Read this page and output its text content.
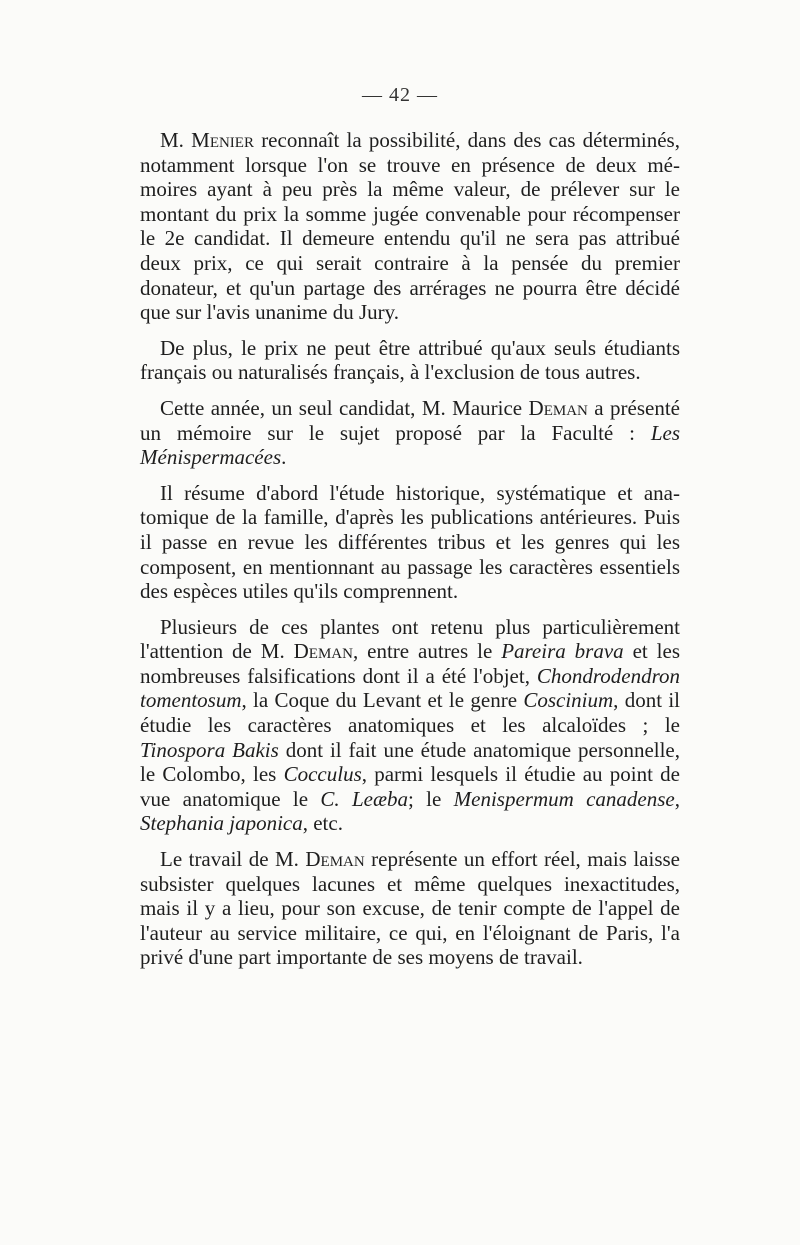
— 42 —

M. Menier reconnaît la possibilité, dans des cas déterminés, notamment lorsque l'on se trouve en présence de deux mémoires ayant à peu près la même valeur, de prélever sur le montant du prix la somme jugée convenable pour récompenser le 2e candidat. Il demeure entendu qu'il ne sera pas attribué deux prix, ce qui serait contraire à la pensée du premier donateur, et qu'un partage des arrérages ne pourra être décidé que sur l'avis unanime du Jury.

De plus, le prix ne peut être attribué qu'aux seuls étudiants français ou naturalisés français, à l'exclusion de tous autres.

Cette année, un seul candidat, M. Maurice Deman a présenté un mémoire sur le sujet proposé par la Faculté : Les Ménispermacées.

Il résume d'abord l'étude historique, systématique et anatomique de la famille, d'après les publications antérieures. Puis il passe en revue les différentes tribus et les genres qui les composent, en mentionnant au passage les caractères essentiels des espèces utiles qu'ils comprennent.

Plusieurs de ces plantes ont retenu plus particulièrement l'attention de M. Deman, entre autres le Pareira brava et les nombreuses falsifications dont il a été l'objet, Chondrodendron tomentosum, la Coque du Levant et le genre Coscinium, dont il étudie les caractères anatomiques et les alcaloïdes ; le Tinospora Bakis dont il fait une étude anatomique personnelle, le Colombo, les Cocculus, parmi lesquels il étudie au point de vue anatomique le C. Leæba; le Menispermum canadense, Stephania japonica, etc.

Le travail de M. Deman représente un effort réel, mais laisse subsister quelques lacunes et même quelques inexactitudes, mais il y a lieu, pour son excuse, de tenir compte de l'appel de l'auteur au service militaire, ce qui, en l'éloignant de Paris, l'a privé d'une part importante de ses moyens de travail.
